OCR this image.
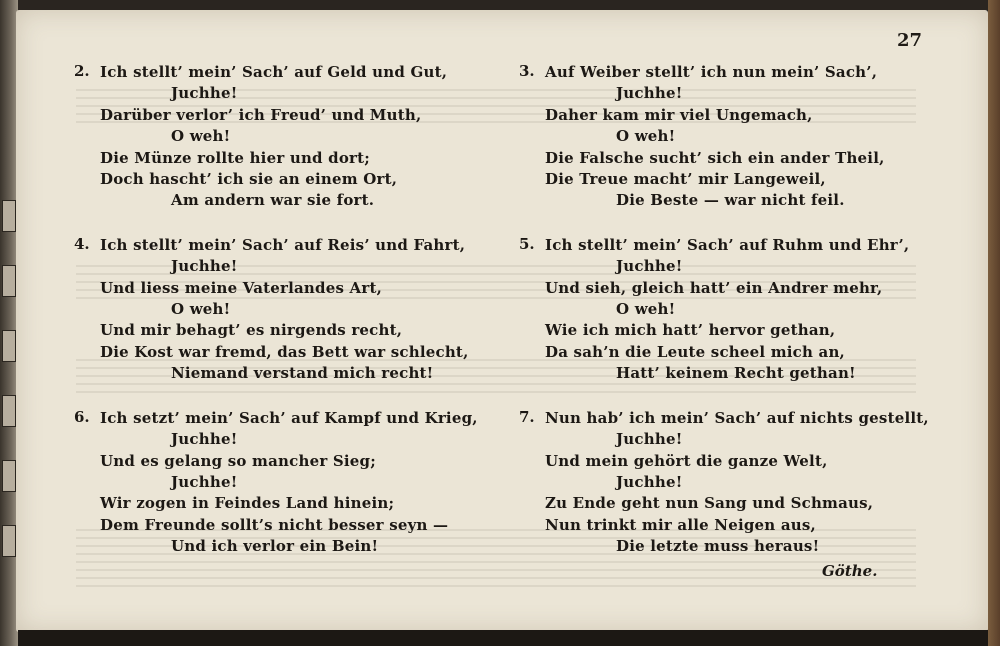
27
2. Ich stellt’ mein’ Sach’ auf Geld und Gut,
Juchhe!
Darüber verlor’ ich Freud’ und Muth,
O weh!
Die Münze rollte hier und dort;
Doch hascht’ ich sie an einem Ort,
Am andern war sie fort.
4. Ich stellt’ mein’ Sach’ auf Reis’ und Fahrt,
Juchhe!
Und liess meine Vaterlandes Art,
O weh!
Und mir behagt’ es nirgends recht,
Die Kost war fremd, das Bett war schlecht,
Niemand verstand mich recht!
6. Ich setzt’ mein’ Sach’ auf Kampf und Krieg,
Juchhe!
Und es gelang so mancher Sieg;
Juchhe!
Wir zogen in Feindes Land hinein;
Dem Freunde sollt’s nicht besser seyn —
Und ich verlor ein Bein!
3. Auf Weiber stellt’ ich nun mein’ Sach’,
Juchhe!
Daher kam mir viel Ungemach,
O weh!
Die Falsche sucht’ sich ein ander Theil,
Die Treue macht’ mir Langeweil,
Die Beste — war nicht feil.
5. Ich stellt’ mein’ Sach’ auf Ruhm und Ehr’,
Juchhe!
Und sieh, gleich hatt’ ein Andrer mehr,
O weh!
Wie ich mich hatt’ hervor gethan,
Da sah’n die Leute scheel mich an,
Hatt’ keinem Recht gethan!
7. Nun hab’ ich mein’ Sach’ auf nichts gestellt,
Juchhe!
Und mein gehört die ganze Welt,
Juchhe!
Zu Ende geht nun Sang und Schmaus,
Nun trinkt mir alle Neigen aus,
Die letzte muss heraus!
Göthe.
